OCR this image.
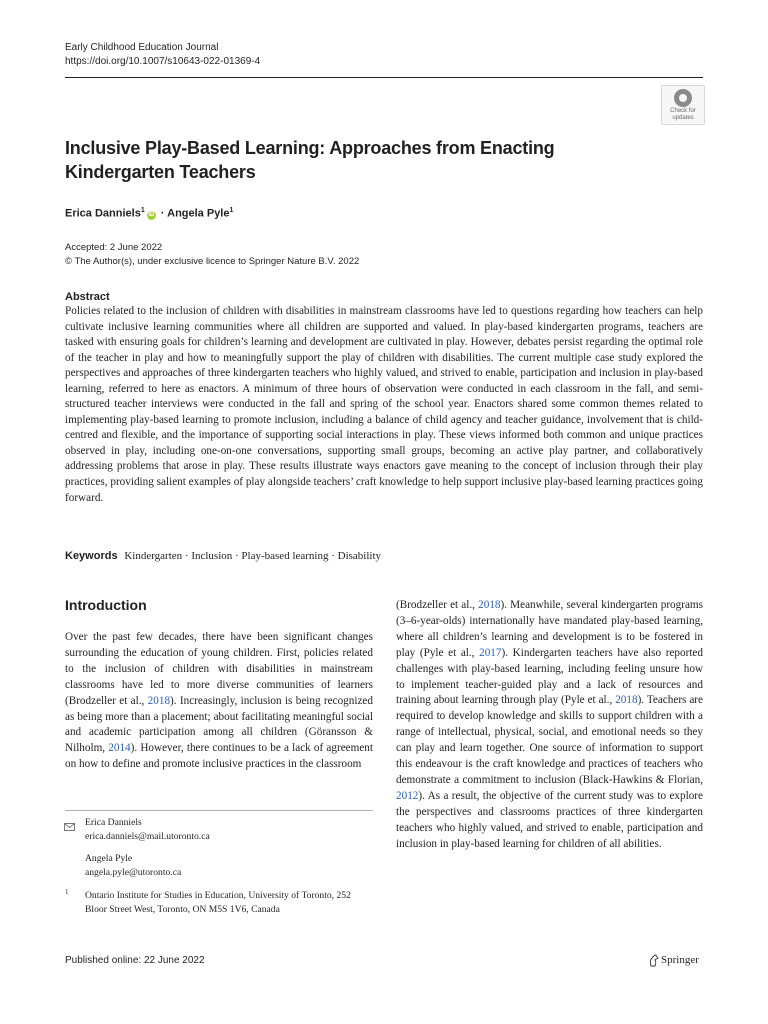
Early Childhood Education Journal
https://doi.org/10.1007/s10643-022-01369-4
Check for
updates
Inclusive Play-Based Learning: Approaches from Enacting
Kindergarten Teachers
Erica Danniels$^1$iD · Angela Pyle$^1$
Accepted: 2 June 2022
© The Author(s), under exclusive licence to Springer Nature B.V. 2022
Abstract
Policies related to the inclusion of children with disabilities in mainstream classrooms have led to questions regarding how teachers can help cultivate inclusive learning communities where all children are supported and valued. In play-based kindergarten programs, teachers are tasked with ensuring goals for children’s learning and development are cultivated in play. However, debates persist regarding the optimal role of the teacher in play and how to meaningfully support the play of children with disabilities. The current multiple case study explored the perspectives and approaches of three kindergarten teachers who highly valued, and strived to enable, participation and inclusion in play-based learning, referred to here as enactors. A minimum of three hours of observation were conducted in each classroom in the fall, and semi-structured teacher interviews were conducted in the fall and spring of the school year. Enactors shared some common themes related to implementing play-based learning to promote inclusion, including a balance of child agency and teacher guidance, involvement that is child-centred and flexible, and the importance of supporting social interactions in play. These views informed both common and unique practices observed in play, including one-on-one conversations, supporting small groups, becoming an active play partner, and collaboratively addressing problems that arose in play. These results illustrate ways enactors gave meaning to the concept of inclusion through their play practices, providing salient examples of play alongside teachers’ craft knowledge to help support inclusive play-based learning practices going forward.
Keywords Kindergarten · Inclusion · Play-based learning · Disability
Introduction
Over the past few decades, there have been significant changes surrounding the education of young children. First, policies related to the inclusion of children with disabilities in mainstream classrooms have led to more diverse communities of learners (Brodzeller et al., 2018). Increasingly, inclusion is being recognized as being more than a placement; about facilitating meaningful social and academic participation among all children (Göransson & Nilholm, 2014). However, there continues to be a lack of agreement on how to define and promote inclusive practices in the classroom
(Brodzeller et al., 2018). Meanwhile, several kindergarten programs (3–6-year-olds) internationally have mandated play-based learning, where all children’s learning and development is to be fostered in play (Pyle et al., 2017). Kindergarten teachers have also reported challenges with play-based learning, including feeling unsure how to implement teacher-guided play and a lack of resources and training about learning through play (Pyle et al., 2018). Teachers are required to develop knowledge and skills to support children with a range of intellectual, physical, social, and emotional needs so they can play and learn together. One source of information to support this endeavour is the craft knowledge and practices of teachers who demonstrate a commitment to inclusion (Black-Hawkins & Florian, 2012). As a result, the objective of the current study was to explore the perspectives and classrooms practices of three kindergarten teachers who highly valued, and strived to enable, participation and inclusion in play-based learning for children of all abilities.
Erica Danniels
erica.danniels@mail.utoronto.ca
Angela Pyle
angela.pyle@utoronto.ca
1 Ontario Institute for Studies in Education, University of Toronto, 252 Bloor Street West, Toronto, ON M5S 1V6, Canada
Published online: 22 June 2022	Springer
